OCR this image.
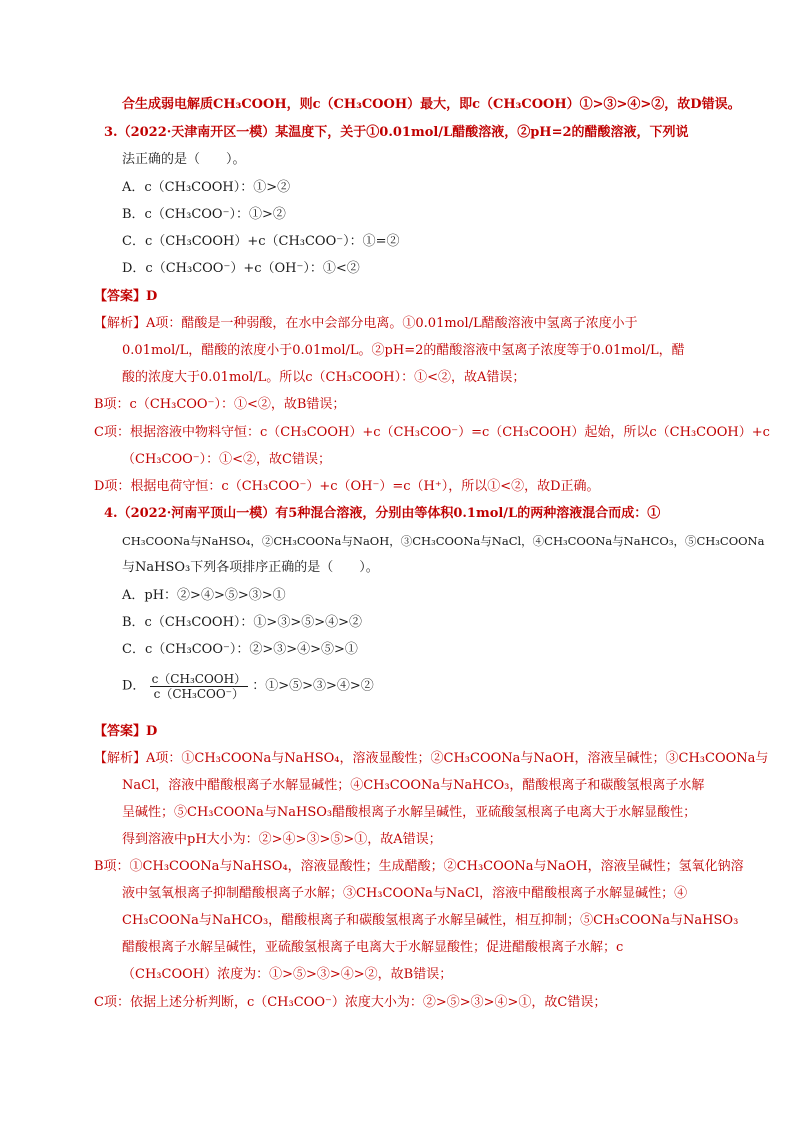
合生成弱电解质CH₃COOH，则c（CH₃COOH）最大，即c（CH₃COOH）①>③>④>②，故D错误。
3.（2022·天津南开区一模）某温度下，关于①0.01mol/L醋酸溶液，②pH=2的醋酸溶液，下列说
法正确的是（　　）。
A．c（CH₃COOH）：①>②
B．c（CH₃COO⁻）：①>②
C．c（CH₃COOH）+c（CH₃COO⁻）：①=②
D．c（CH₃COO⁻）+c（OH⁻）：①<②
【答案】D
【解析】A项：醋酸是一种弱酸，在水中会部分电离。①0.01mol/L醋酸溶液中氢离子浓度小于
0.01mol/L，醋酸的浓度小于0.01mol/L。②pH=2的醋酸溶液中氢离子浓度等于0.01mol/L，醋
酸的浓度大于0.01mol/L。所以c（CH₃COOH）：①<②，故A错误；
B项：c（CH₃COO⁻）：①<②，故B错误；
C项：根据溶液中物料守恒：c（CH₃COOH）+c（CH₃COO⁻）=c（CH₃COOH）起始，所以c（CH₃COOH）+c
（CH₃COO⁻）：①<②，故C错误；
D项：根据电荷守恒：c（CH₃COO⁻）+c（OH⁻）=c（H⁺），所以①<②，故D正确。
4.（2022·河南平顶山一模）有5种混合溶液，分别由等体积0.1mol/L的两种溶液混合而成：①
CH₃COONa与NaHSO₄，②CH₃COONa与NaOH，③CH₃COONa与NaCl，④CH₃COONa与NaHCO₃，⑤CH₃COONa
与NaHSO₃下列各项排序正确的是（　　）。
A．pH：②>④>⑤>③>①
B．c（CH₃COOH）：①>③>⑤>④>②
C．c（CH₃COO⁻）：②>③>④>⑤>①
D． $\frac{\text{c（CH₃COOH）}}{\text{c（CH₃COO⁻）}}$ ：①>⑤>③>④>②
【答案】D
【解析】A项：①CH₃COONa与NaHSO₄，溶液显酸性；②CH₃COONa与NaOH，溶液呈碱性；③CH₃COONa与
NaCl，溶液中醋酸根离子水解显碱性；④CH₃COONa与NaHCO₃，醋酸根离子和碳酸氢根离子水解
呈碱性；⑤CH₃COONa与NaHSO₃醋酸根离子水解呈碱性，亚硫酸氢根离子电离大于水解显酸性；
得到溶液中pH大小为：②>④>③>⑤>①，故A错误；
B项：①CH₃COONa与NaHSO₄，溶液显酸性；生成醋酸；②CH₃COONa与NaOH，溶液呈碱性；氢氧化钠溶
液中氢氧根离子抑制醋酸根离子水解；③CH₃COONa与NaCl，溶液中醋酸根离子水解显碱性；④
CH₃COONa与NaHCO₃，醋酸根离子和碳酸氢根离子水解呈碱性，相互抑制；⑤CH₃COONa与NaHSO₃
醋酸根离子水解呈碱性，亚硫酸氢根离子电离大于水解显酸性；促进醋酸根离子水解；c
（CH₃COOH）浓度为：①>⑤>③>④>②，故B错误；
C项：依据上述分析判断，c（CH₃COO⁻）浓度大小为：②>⑤>③>④>①，故C错误；
